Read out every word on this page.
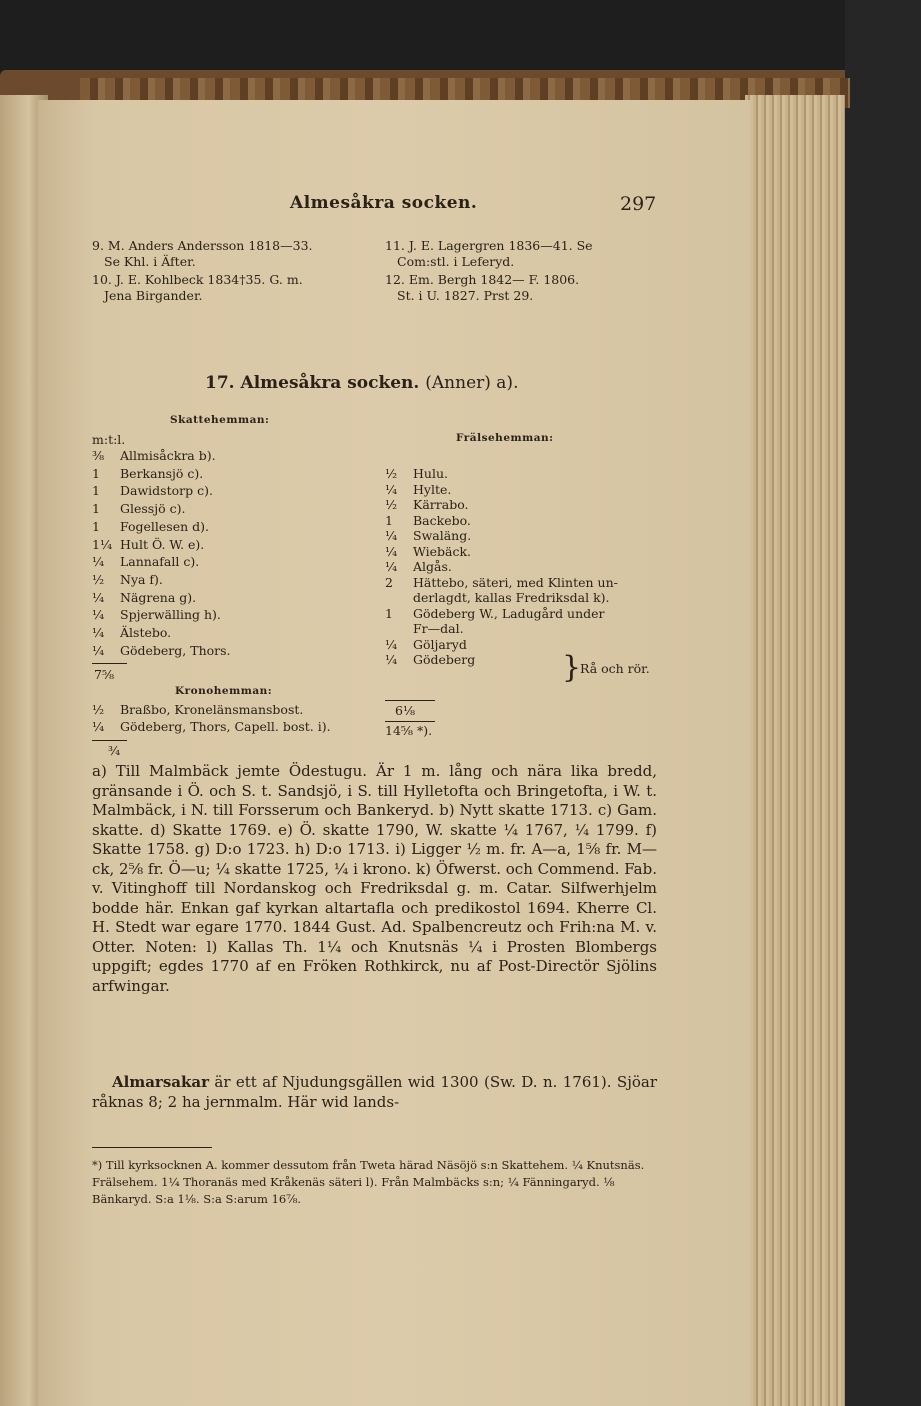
Almesåkra socken.	297
9. M. Anders Andersson 1818—33.
Se Khl. i Äfter.
10. J. E. Kohlbeck 1834†35. G. m.
Jena Birgander.
11. J. E. Lagergren 1836—41. Se
Com:stl. i Leferyd.
12. Em. Bergh 1842— F. 1806.
St. i U. 1827. Prst 29.
17. Almesåkra socken. (Anner) a).
Skattehemman:
m:t:l.	Frälsehemman:
⅜ Allmisåckra b).
1 Berkansjö c).
1 Dawidstorp c).
1 Glessjö c).
1 Fogellesen d).
1¼ Hult Ö. W. e).
¼ Lannafall c).
½ Nya f).
¼ Nägrena g).
¼ Spjerwälling h).
¼ Älstebo.
¼ Gödeberg, Thors.
7⅝
Kronohemman:
½ Braßbo, Kronelänsmansbost.
¼ Gödeberg, Thors, Capell. bost. i).
¾
½ Hulu.
¼ Hylte.
½ Kärrabo.
1 Backebo.
¼ Swaläng.
¼ Wiebäck.
¼ Algås.
2 Hättebo, säteri, med Klinten un-
derlagdt, kallas Fredriksdal k).
1 Gödeberg W., Ladugård under
Fr—dal.
¼ Göljaryd
¼ Gödeberg	}
Rå och rör.
6⅛
14⅝ *).

a) Till Malmbäck jemte Ödestugu. Är 1 m. lång och nära lika bredd, gränsande i Ö. och S. t. Sandsjö, i S. till Hylletofta och Bringetofta, i W. t. Malmbäck, i N. till Forsserum och Bankeryd. b) Nytt skatte 1713. c) Gam. skatte. d) Skatte 1769. e) Ö. skatte 1790, W. skatte ¼ 1767, ¼ 1799. f) Skatte 1758. g) D:o 1723. h) D:o 1713. i) Ligger ½ m. fr. A—a, 1⅝ fr. M—ck, 2⅝ fr. Ö—u; ¼ skatte 1725, ¼ i krono. k) Öfwerst. och Commend. Fab. v. Vitinghoff till Nordanskog och Fredriksdal g. m. Catar. Silfwerhjelm bodde här. Enkan gaf kyrkan altartafla och predikostol 1694. Kherre Cl. H. Stedt war egare 1770. 1844 Gust. Ad. Spalbencreutz och Frih:na M. v. Otter. Noten: l) Kallas Th. 1¼ och Knutsnäs ¼ i Prosten Blombergs uppgift; egdes 1770 af en Fröken Rothkirck, nu af Post-Directör Sjölins arfwingar.

Almarsakar är ett af Njudungsgällen wid 1300 (Sw. D. n. 1761). Sjöar råknas 8; 2 ha jernmalm. Här wid lands-
*) Till kyrksocknen A. kommer dessutom från Tweta härad Näsöjö s:n Skattehem. ¼ Knutsnäs. Frälsehem. 1¼ Thoranäs med Kråkenäs säteri l). Från Malmbäcks s:n; ¼ Fänningaryd. ⅛ Bänkaryd. S:a 1⅛. S:a S:arum 16⅞.
